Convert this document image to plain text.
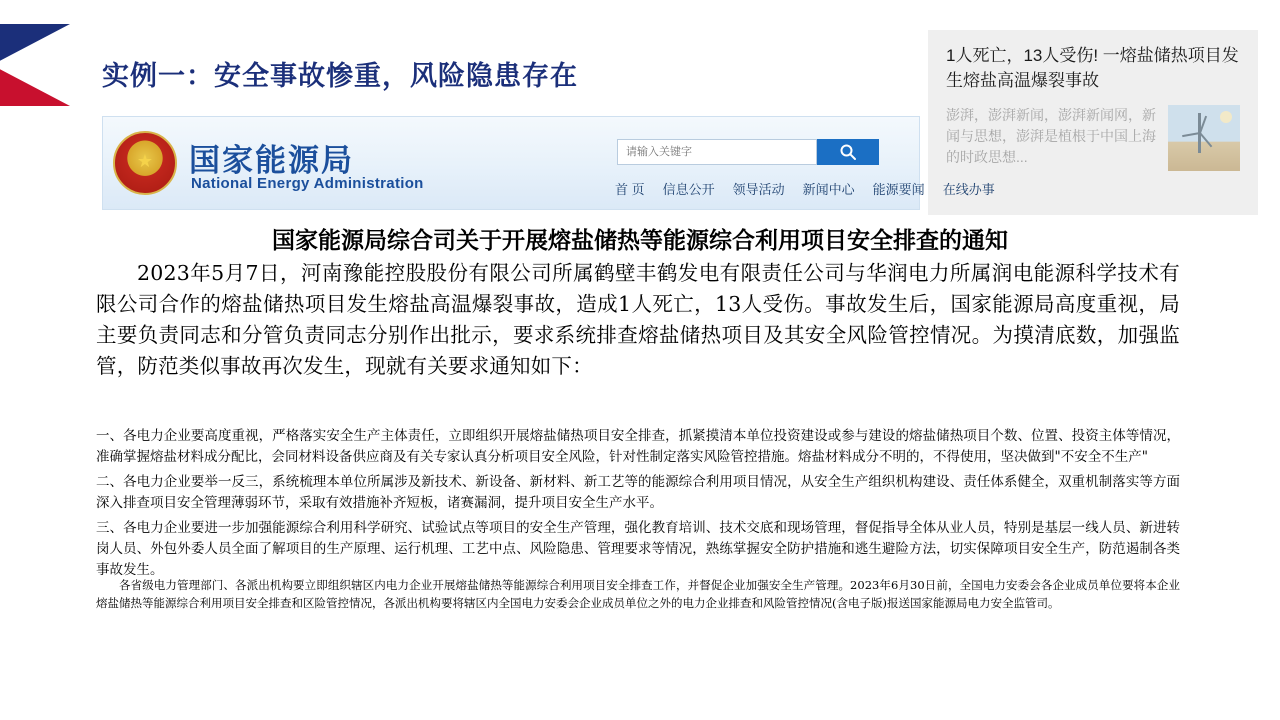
实例一：安全事故惨重，风险隐患存在
1人死亡，13人受伤! 一熔盐储热项目发生熔盐高温爆裂事故
澎湃，澎湃新闻，澎湃新闻网，新闻与思想，澎湃是植根于中国上海的时政思想...
★ 国家能源局
National Energy Administration
请输入关键字	首 页 信息公开 领导活动 新闻中心 能源要闻 在线办事
国家能源局综合司关于开展熔盐储热等能源综合利用项目安全排查的通知
2023年5月7日，河南豫能控股股份有限公司所属鹤壁丰鹤发电有限责任公司与华润电力所属润电能源科学技术有限公司合作的熔盐储热项目发生熔盐高温爆裂事故，造成1人死亡，13人受伤。事故发生后，国家能源局高度重视，局主要负责同志和分管负责同志分别作出批示，要求系统排查熔盐储热项目及其安全风险管控情况。为摸清底数，加强监管，防范类似事故再次发生，现就有关要求通知如下：
一、各电力企业要高度重视，严格落实安全生产主体责任，立即组织开展熔盐储热项目安全排查，抓紧摸清本单位投资建设或参与建设的熔盐储热项目个数、位置、投资主体等情况，准确掌握熔盐材料成分配比，会同材料设备供应商及有关专家认真分析项目安全风险，针对性制定落实风险管控措施。熔盐材料成分不明的，不得使用，坚决做到"不安全不生产"
二、各电力企业要举一反三，系统梳理本单位所属涉及新技术、新设备、新材料、新工艺等的能源综合利用项目情况，从安全生产组织机构建设、责任体系健全，双重机制落实等方面深入排查项目安全管理薄弱环节，采取有效措施补齐短板，诸赛漏洞，提升项目安全生产水平。
三、各电力企业要进一步加强能源综合利用科学研究、试验试点等项目的安全生产管理，强化教育培训、技术交底和现场管理，督促指导全体从业人员，特别是基层一线人员、新进转岗人员、外包外委人员全面了解项目的生产原理、运行机理、工艺中点、风险隐患、管理要求等情况，熟练掌握安全防护措施和逃生避险方法，切实保障项目安全生产，防范遏制各类事故发生。
各省级电力管理部门、各派出机构要立即组织辖区内电力企业开展熔盐储热等能源综合利用项目安全排查工作，并督促企业加强安全生产管理。2023年6月30日前，全国电力安委会各企业成员单位要将本企业熔盐储热等能源综合利用项目安全排查和区险管控情况，各派出机构要将辖区内全国电力安委会企业成员单位之外的电力企业排查和风险管控情况(含电子版)报送国家能源局电力安全监管司。
